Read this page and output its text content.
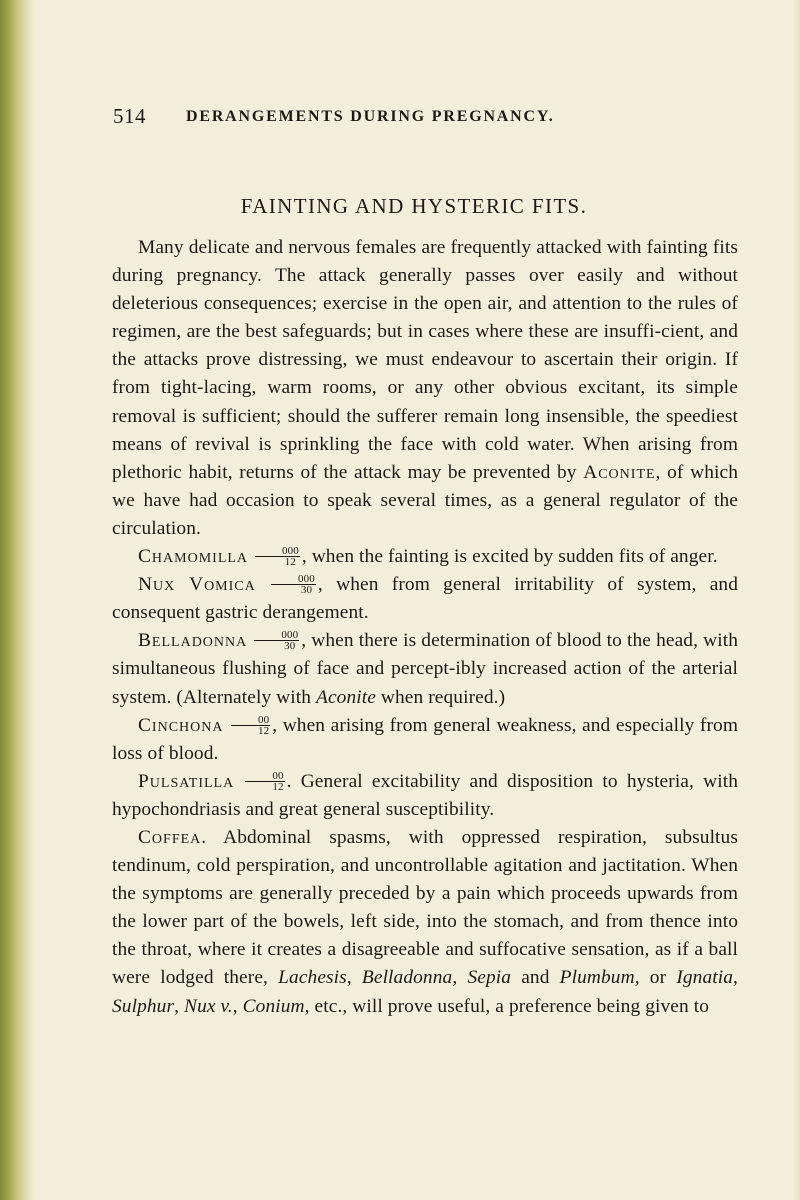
514	DERANGEMENTS DURING PREGNANCY.
FAINTING AND HYSTERIC FITS.

Many delicate and nervous females are frequently attacked with fainting fits during pregnancy. The attack generally passes over easily and without deleterious consequences; exercise in the open air, and attention to the rules of regimen, are the best safeguards; but in cases where these are insuffi-cient, and the attacks prove distressing, we must endeavour to ascertain their origin. If from tight-lacing, warm rooms, or any other obvious excitant, its simple removal is sufficient; should the sufferer remain long insensible, the speediest means of revival is sprinkling the face with cold water. When arising from plethoric habit, returns of the attack may be prevented by Aconite, of which we have had occasion to speak several times, as a general regulator of the circulation.

Chamomilla $\frac{000}{12}$ , when the fainting is excited by sudden fits of anger.

Nux Vomica $\frac{000}{30}$ , when from general irritability of system, and consequent gastric derangement.

Belladonna $\frac{000}{30}$ , when there is determination of blood to the head, with simultaneous flushing of face and percept-ibly increased action of the arterial system. (Alternately with Aconite when required.)

Cinchona $\frac{00}{12}$ , when arising from general weakness, and especially from loss of blood.

Pulsatilla $\frac{00}{12}$ . General excitability and disposition to hysteria, with hypochondriasis and great general susceptibility.

Coffea. Abdominal spasms, with oppressed respiration, subsultus tendinum, cold perspiration, and uncontrollable agitation and jactitation. When the symptoms are generally preceded by a pain which proceeds upwards from the lower part of the bowels, left side, into the stomach, and from thence into the throat, where it creates a disagreeable and suffocative sensation, as if a ball were lodged there, Lachesis, Belladonna, Sepia and Plumbum, or Ignatia, Sulphur, Nux v., Conium, etc., will prove useful, a preference being given to
